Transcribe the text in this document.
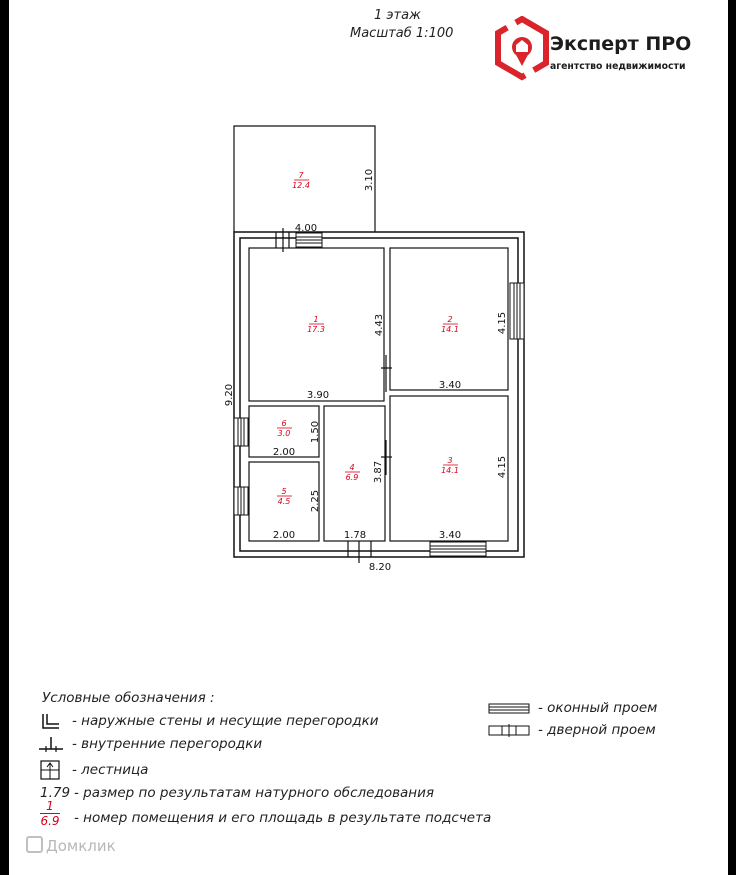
1 этаж
Масштаб 1:100	Эксперт ПРО
агентство недвижимости
7
12.4
1
17.3
2
14.1
3
14.1
4
6.9
5
4.5
6
3.0
4.00
3.10
4.43	4.15
3.90
3.40
9.20
1.50
3.87	4.15
2.00
2.25
2.00	1.78	3.40
8.20
Условные обозначения :
- наружные стены и несущие перегородки
- внутренние перегородки
- лестница
1.79 - размер по результатам натурного обследования
1
6.9 - номер помещения и его площадь в результате подсчета
- оконный проем
- дверной проем
Домклик
